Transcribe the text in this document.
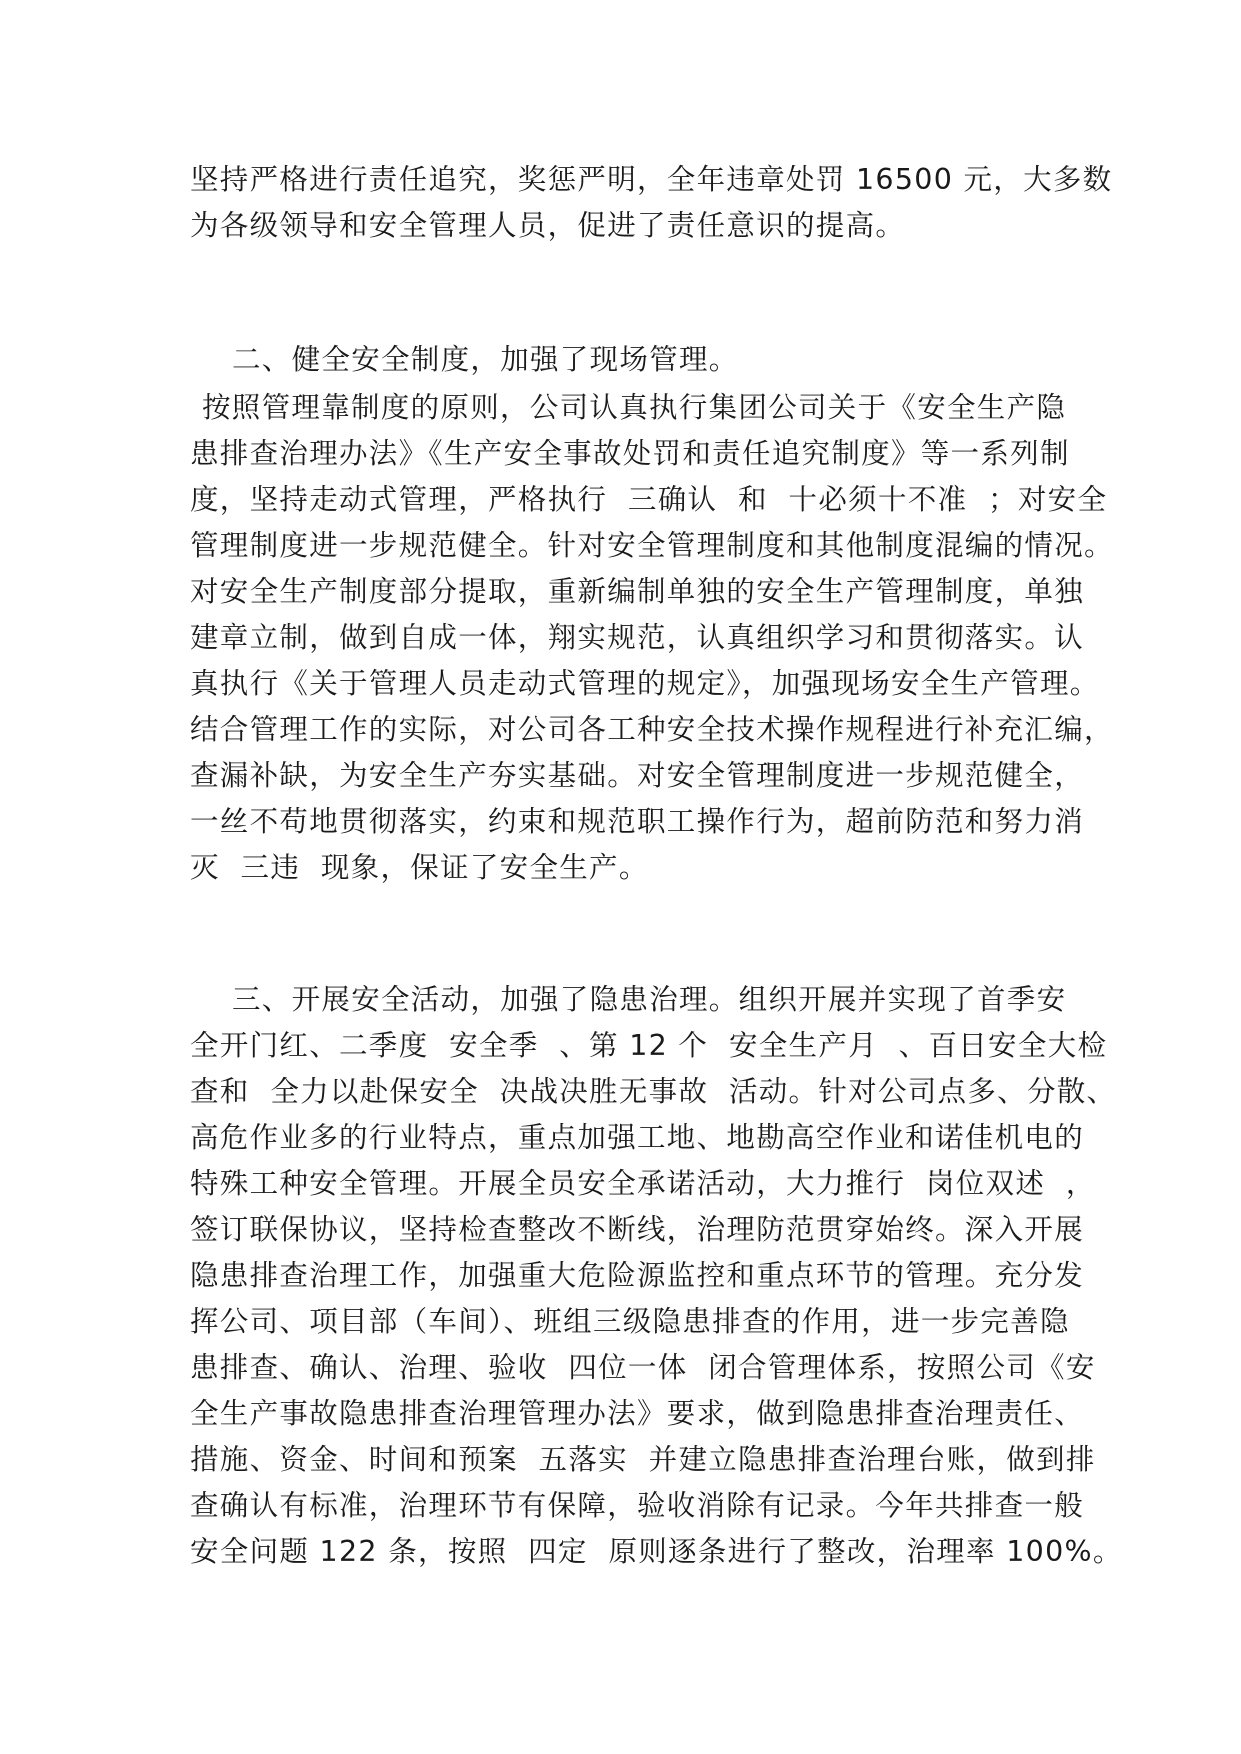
坚持严格进行责任追究，奖惩严明，全年违章处罚 16500 元，大多数
为各级领导和安全管理人员，促进了责任意识的提高。
二、健全安全制度，加强了现场管理。
按照管理靠制度的原则，公司认真执行集团公司关于《安全生产隐
患排查治理办法》《生产安全事故处罚和责任追究制度》等一系列制
度，坚持走动式管理，严格执行  三确认  和  十必须十不准  ；对安全
管理制度进一步规范健全。针对安全管理制度和其他制度混编的情况。
对安全生产制度部分提取，重新编制单独的安全生产管理制度，单独
建章立制，做到自成一体，翔实规范，认真组织学习和贯彻落实。认
真执行《关于管理人员走动式管理的规定》，加强现场安全生产管理。
结合管理工作的实际，对公司各工种安全技术操作规程进行补充汇编，
查漏补缺，为安全生产夯实基础。对安全管理制度进一步规范健全，
一丝不苟地贯彻落实，约束和规范职工操作行为，超前防范和努力消
灭  三违  现象，保证了安全生产。
三、开展安全活动，加强了隐患治理。组织开展并实现了首季安
全开门红、二季度  安全季  、第 12 个  安全生产月  、百日安全大检
查和  全力以赴保安全  决战决胜无事故  活动。针对公司点多、分散、
高危作业多的行业特点，重点加强工地、地勘高空作业和诺佳机电的
特殊工种安全管理。开展全员安全承诺活动，大力推行  岗位双述  ，
签订联保协议，坚持检查整改不断线，治理防范贯穿始终。深入开展
隐患排查治理工作，加强重大危险源监控和重点环节的管理。充分发
挥公司、项目部（车间）、班组三级隐患排查的作用，进一步完善隐
患排查、确认、治理、验收  四位一体  闭合管理体系，按照公司《安
全生产事故隐患排查治理管理办法》要求，做到隐患排查治理责任、
措施、资金、时间和预案  五落实  并建立隐患排查治理台账，做到排
查确认有标准，治理环节有保障，验收消除有记录。今年共排查一般
安全问题 122 条，按照  四定  原则逐条进行了整改，治理率 100%。
